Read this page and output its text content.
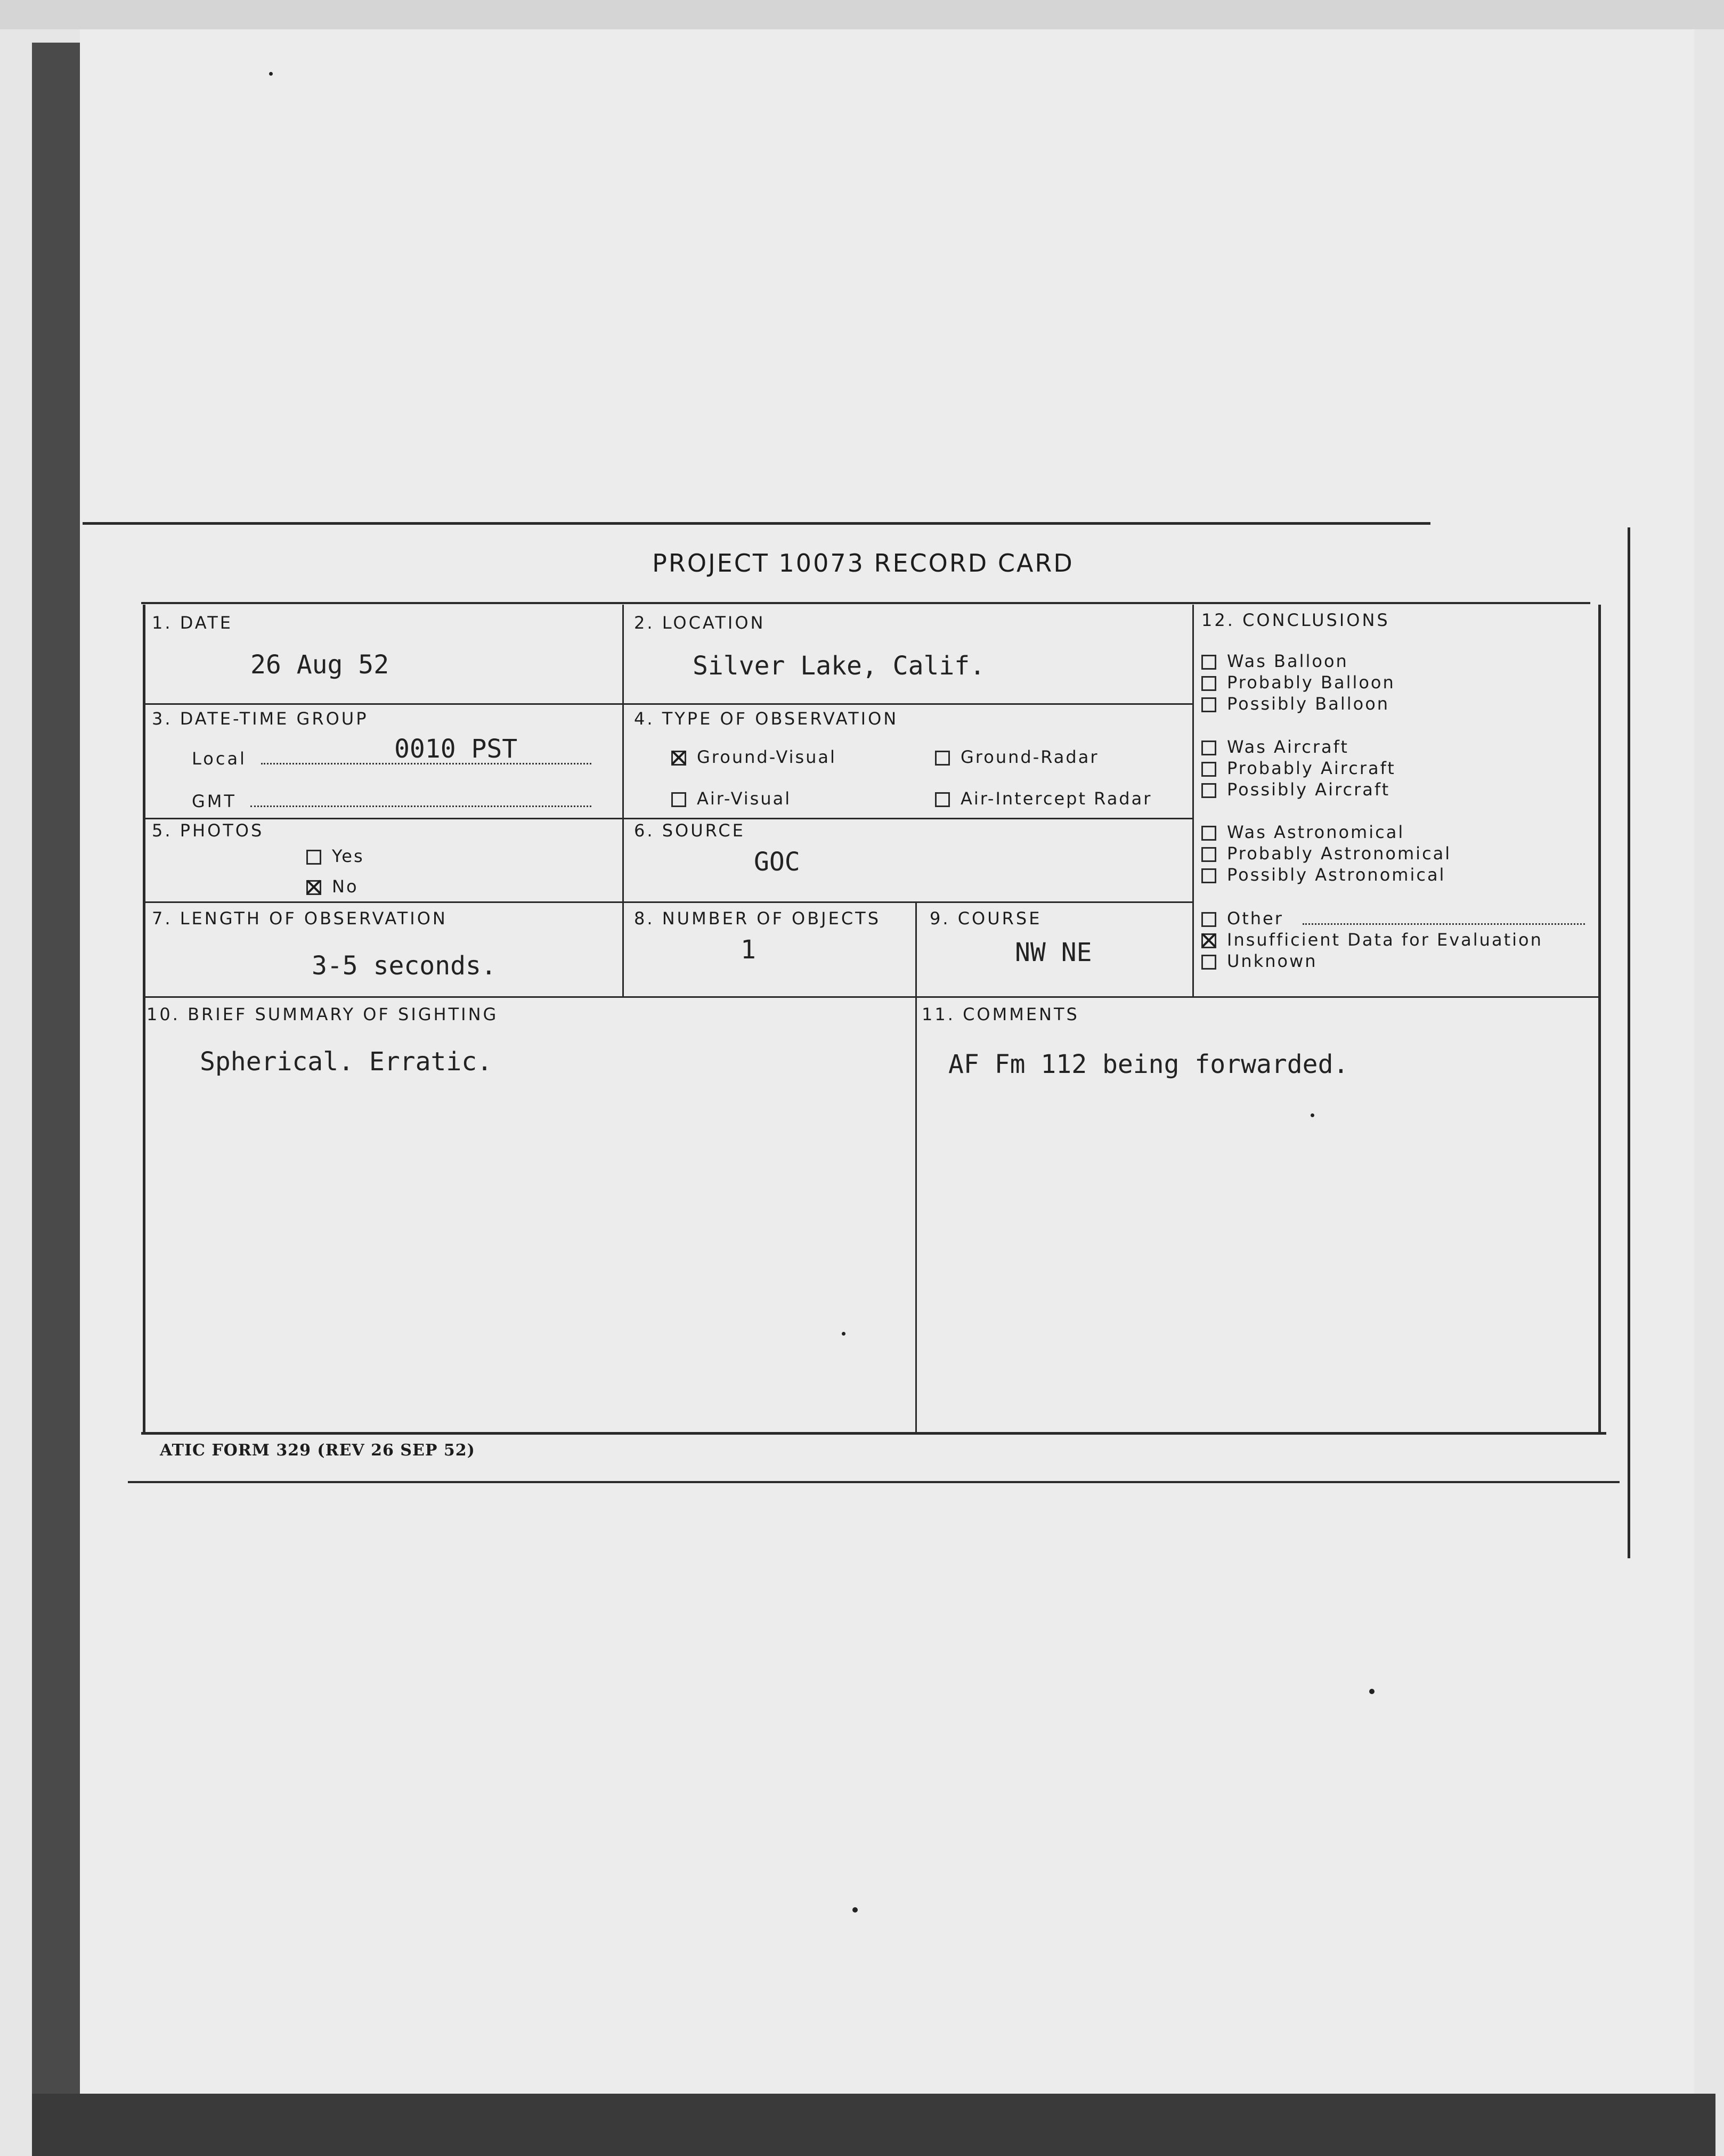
PROJECT 10073 RECORD CARD
1. DATE
26 Aug 52
2. LOCATION
Silver Lake, Calif.
3. DATE-TIME GROUP
Local	0010 PST
GMT
4. TYPE OF OBSERVATION
Ground-Visual	Ground-Radar
Air-Visual	Air-Intercept Radar
5. PHOTOS
Yes
No
6. SOURCE
GOC
7. LENGTH OF OBSERVATION
3-5 seconds.
8. NUMBER OF OBJECTS
1
9. COURSE
NW NE
10. BRIEF SUMMARY OF SIGHTING
Spherical. Erratic.
11. COMMENTS
AF Fm 112 being forwarded.
12. CONCLUSIONS
Was Balloon
Probably Balloon
Possibly Balloon
Was Aircraft
Probably Aircraft
Possibly Aircraft
Was Astronomical
Probably Astronomical
Possibly Astronomical
Other
Insufficient Data for Evaluation
Unknown
ATIC FORM 329 (REV 26 SEP 52)
